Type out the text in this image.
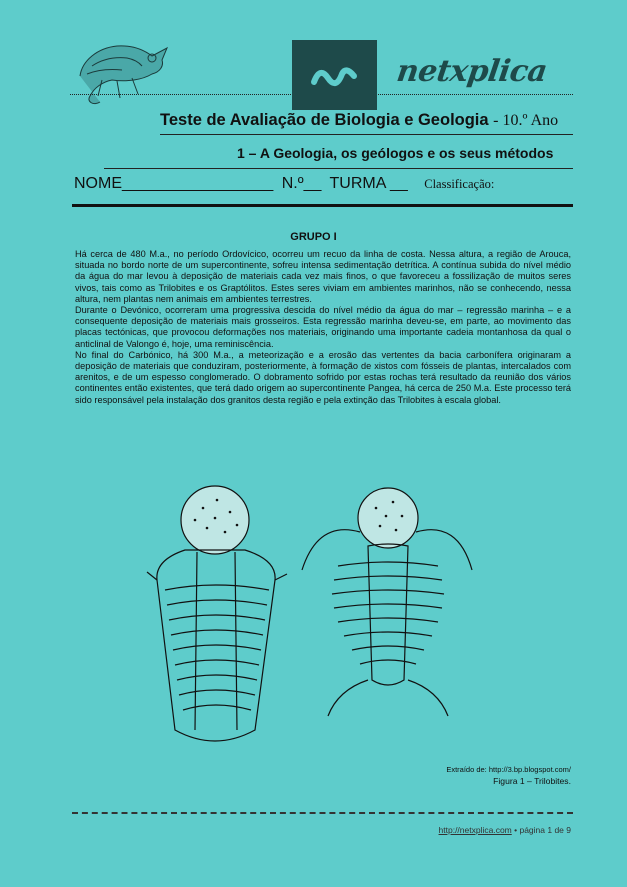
netxplica
Teste de Avaliação de Biologia e Geologia - 10.º Ano
1 – A Geologia, os geólogos e os seus métodos
NOME_________________ N.º__ TURMA __ Classificação:
GRUPO I

Há cerca de 480 M.a., no período Ordovícico, ocorreu um recuo da linha de costa. Nessa altura, a região de Arouca, situada no bordo norte de um supercontinente, sofreu intensa sedimentação detrítica. A contínua subida do nível médio da água do mar levou à deposição de materiais cada vez mais finos, o que favoreceu a fossilização de muitos seres vivos, tais como as Trilobites e os Graptólitos. Estes seres viviam em ambientes marinhos, não se conhecendo, nessa altura, nem plantas nem animais em ambientes terrestres.

Durante o Devónico, ocorreram uma progressiva descida do nível médio da água do mar – regressão marinha – e a consequente deposição de materiais mais grosseiros. Esta regressão marinha deveu-se, em parte, ao movimento das placas tectónicas, que provocou deformações nos materiais, originando uma importante cadeia montanhosa da qual o anticlinal de Valongo é, hoje, uma reminiscência.

No final do Carbónico, há 300 M.a., a meteorização e a erosão das vertentes da bacia carbonífera originaram a deposição de materiais que conduziram, posteriormente, à formação de xistos com fósseis de plantas, intercalados com arenitos, e de um espesso conglomerado. O dobramento sofrido por estas rochas terá resultado da reunião dos vários continentes então existentes, que terá dado origem ao supercontinente Pangea, há cerca de 250 M.a. Este processo terá sido responsável pela instalação dos granitos desta região e pela extinção das Trilobites à escala global.

Extraído de: http://3.bp.blogspot.com/
Figura 1 – Trilobites.
http://netxplica.com • página 1 de 9
